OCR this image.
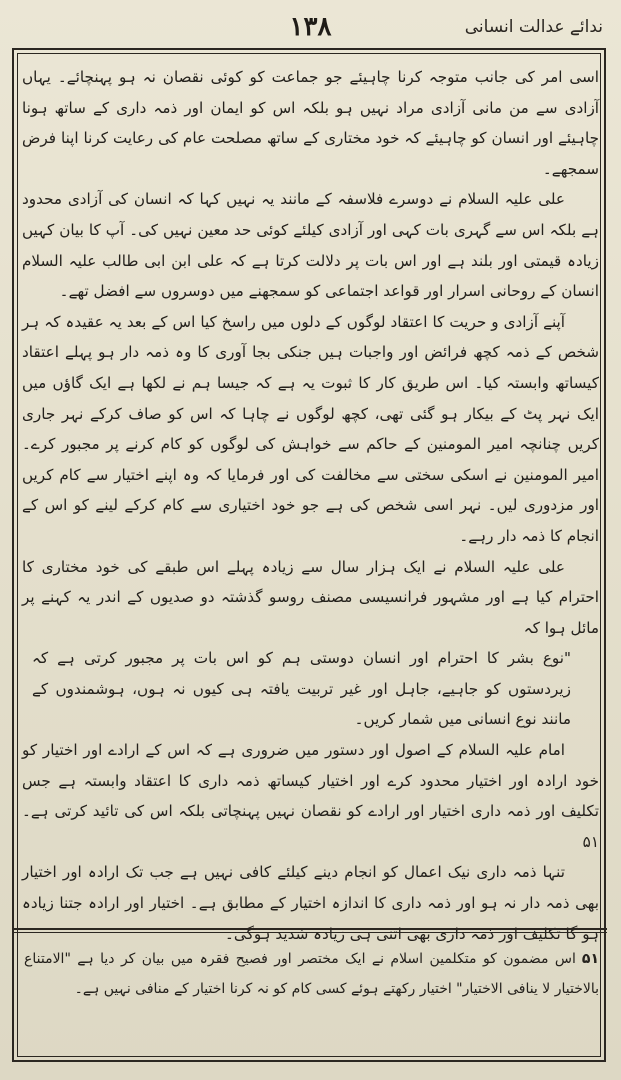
١٣٨	ندائے عدالت انسانی

اسی امر کی جانب متوجہ کرنا چاہیئے جو جماعت کو کوئی نقصان نہ ہو پہنچائے۔ یہاں آزادی سے من مانی آزادی مراد نہیں ہو بلکہ اس کو ایمان اور ذمہ داری کے ساتھ ہونا چاہیئے اور انسان کو چاہیئے کہ خود مختاری کے ساتھ مصلحت عام کی رعایت کرنا اپنا فرض سمجھے۔

علی علیہ السلام نے دوسرے فلاسفہ کے مانند یہ نہیں کہا کہ انسان کی آزادی محدود ہے بلکہ اس سے گہری بات کہی اور آزادی کیلئے کوئی حد معین نہیں کی۔ آپ کا بیان کہیں زیادہ قیمتی اور بلند ہے اور اس بات پر دلالت کرتا ہے کہ علی ابن ابی طالب علیہ السلام انسان کے روحانی اسرار اور قواعد اجتماعی کو سمجھنے میں دوسروں سے افضل تھے۔

آپنے آزادی و حریت کا اعتقاد لوگوں کے دلوں میں راسخ کیا اس کے بعد یہ عقیدہ کہ ہر شخص کے ذمہ کچھ فرائض اور واجبات ہیں جنکی بجا آوری کا وہ ذمہ دار ہو پہلے اعتقاد کیساتھ وابستہ کیا۔ اس طریق کار کا ثبوت یہ ہے کہ جیسا ہم نے لکھا ہے ایک گاؤں میں ایک نہر پٹ کے بیکار ہو گئی تھی، کچھ لوگوں نے چاہا کہ اس کو صاف کرکے نہر جاری کریں چنانچہ امیر المومنین کے حاکم سے خواہش کی لوگوں کو کام کرنے پر مجبور کرے۔ امیر المومنین نے اسکی سختی سے مخالفت کی اور فرمایا کہ وہ اپنے اختیار سے کام کریں اور مزدوری لیں۔ نہر اسی شخص کی ہے جو خود اختیاری سے کام کرکے لینے کو اس کے انجام کا ذمہ دار رہے۔

علی علیہ السلام نے ایک ہزار سال سے زیادہ پہلے اس طبقے کی خود مختاری کا احترام کیا ہے اور مشہور فرانسیسی مصنف روسو گذشتہ دو صدیوں کے اندر یہ کہنے پر مائل ہوا کہ

"نوع بشر کا احترام اور انسان دوستی ہم کو اس بات پر مجبور کرتی ہے کہ زیردستوں کو جاہیے، جاہل اور غیر تربیت یافتہ ہی کیوں نہ ہوں، ہوشمندوں کے مانند نوع انسانی میں شمار کریں۔

امام علیہ السلام کے اصول اور دستور میں ضروری ہے کہ اس کے ارادے اور اختیار کو خود ارادہ اور اختیار محدود کرے اور اختیار کیساتھ ذمہ داری کا اعتقاد وابستہ ہے جس تکلیف اور ذمہ داری اختیار اور ارادے کو نقصان نہیں پہنچاتی بلکہ اس کی تائید کرتی ہے۔ ۵۱

تنہا ذمہ داری نیک اعمال کو انجام دینے کیلئے کافی نہیں ہے جب تک ارادہ اور اختیار بھی ذمہ دار نہ ہو اور ذمہ داری کا اندازہ اختیار کے مطابق ہے۔ اختیار اور ارادہ جتنا زیادہ ہو گا تکلیف اور ذمہ داری بھی اتنی ہی زیادہ شدید ہوگی۔

۵۱اس مضمون کو متکلمین اسلام نے ایک مختصر اور فصیح فقرہ میں بیان کر دیا ہے "الامتناع بالاختیار لا ینافی الاختیار" اختیار رکھتے ہوئے کسی کام کو نہ کرنا اختیار کے منافی نہیں ہے۔
